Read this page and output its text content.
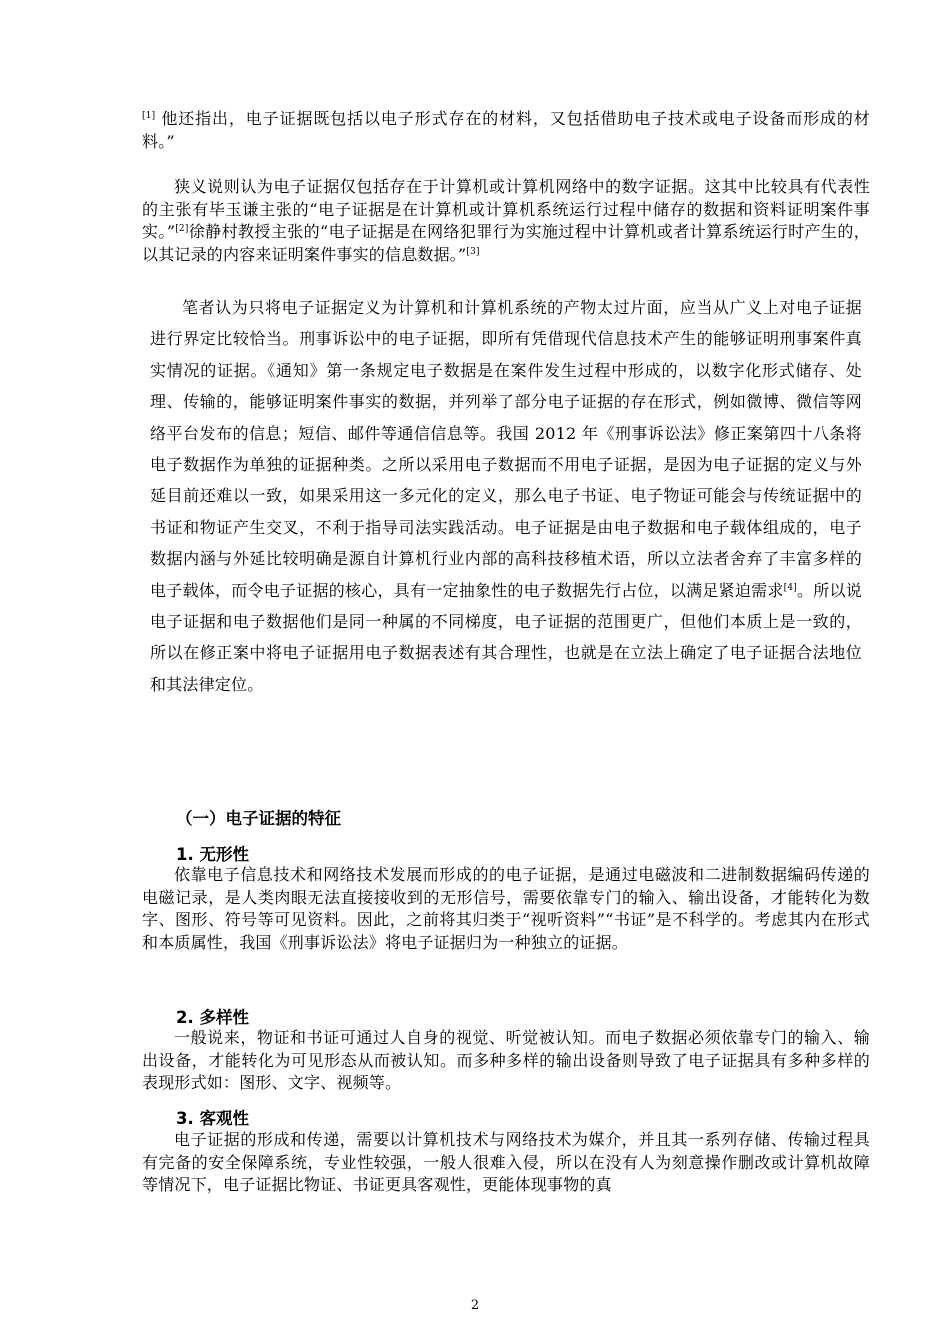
[1] 他还指出，电子证据既包括以电子形式存在的材料，又包括借助电子技术或电子设备而形成的材料。”

狭义说则认为电子证据仅包括存在于计算机或计算机网络中的数字证据。这其中比较具有代表性的主张有毕玉谦主张的“电子证据是在计算机或计算机系统运行过程中储存的数据和资料证明案件事实。”[2]徐静村教授主张的“电子证据是在网络犯罪行为实施过程中计算机或者计算系统运行时产生的，以其记录的内容来证明案件事实的信息数据。”[3]

笔者认为只将电子证据定义为计算机和计算机系统的产物太过片面，应当从广义上对电子证据进行界定比较恰当。刑事诉讼中的电子证据，即所有凭借现代信息技术产生的能够证明刑事案件真实情况的证据。《通知》第一条规定电子数据是在案件发生过程中形成的，以数字化形式储存、处理、传输的，能够证明案件事实的数据，并列举了部分电子证据的存在形式，例如微博、微信等网络平台发布的信息；短信、邮件等通信信息等。我国 2012 年《刑事诉讼法》修正案第四十八条将电子数据作为单独的证据种类。之所以采用电子数据而不用电子证据，是因为电子证据的定义与外延目前还难以一致，如果采用这一多元化的定义，那么电子书证、电子物证可能会与传统证据中的书证和物证产生交叉，不利于指导司法实践活动。电子证据是由电子数据和电子载体组成的，电子数据内涵与外延比较明确是源自计算机行业内部的高科技移植术语，所以立法者舍弃了丰富多样的电子载体，而令电子证据的核心，具有一定抽象性的电子数据先行占位，以满足紧迫需求[4]。所以说电子证据和电子数据他们是同一种属的不同梯度，电子证据的范围更广，但他们本质上是一致的，所以在修正案中将电子证据用电子数据表述有其合理性，也就是在立法上确定了电子证据合法地位和其法律定位。

（一）电子证据的特征
1. 无形性

依靠电子信息技术和网络技术发展而形成的的电子证据，是通过电磁波和二进制数据编码传递的电磁记录，是人类肉眼无法直接接收到的无形信号，需要依靠专门的输入、输出设备，才能转化为数字、图形、符号等可见资料。因此，之前将其归类于“视听资料”“书证”是不科学的。考虑其内在形式和本质属性，我国《刑事诉讼法》将电子证据归为一种独立的证据。

2. 多样性

一般说来，物证和书证可通过人自身的视觉、听觉被认知。而电子数据必须依靠专门的输入、输出设备，才能转化为可见形态从而被认知。而多种多样的输出设备则导致了电子证据具有多种多样的表现形式如：图形、文字、视频等。

3. 客观性

电子证据的形成和传递，需要以计算机技术与网络技术为媒介，并且其一系列存储、传输过程具有完备的安全保障系统，专业性较强，一般人很难入侵，所以在没有人为刻意操作删改或计算机故障等情况下，电子证据比物证、书证更具客观性，更能体现事物的真

2
